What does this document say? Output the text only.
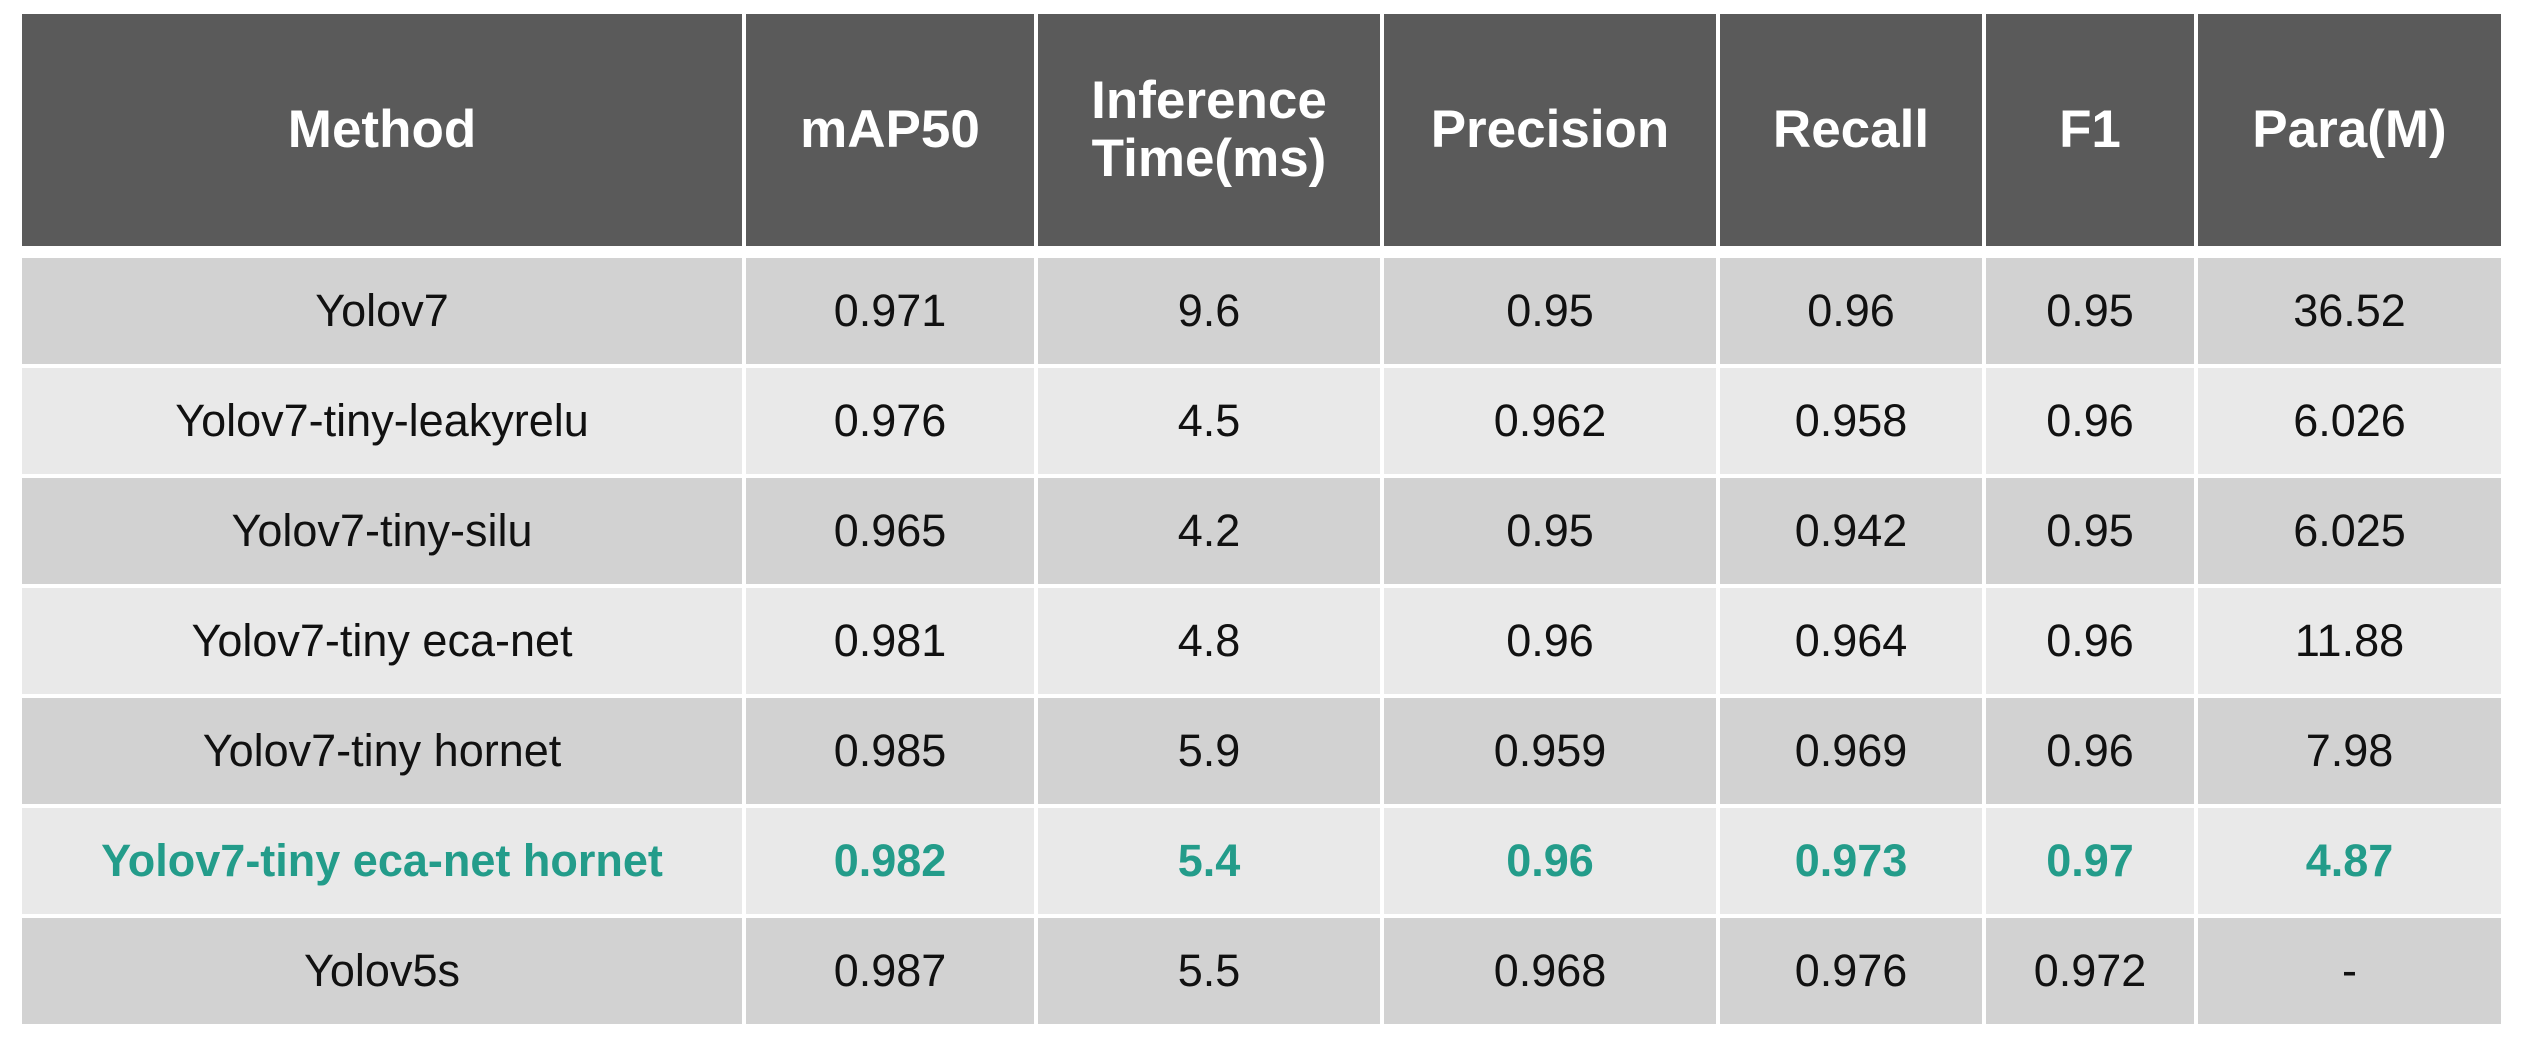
Method	mAP50	Inference Time(ms)	Precision	Recall	F1	Para(M)
Yolov7	0.971	9.6	0.95	0.96	0.95	36.52
Yolov7-tiny-leakyrelu	0.976	4.5	0.962	0.958	0.96	6.026
Yolov7-tiny-silu	0.965	4.2	0.95	0.942	0.95	6.025
Yolov7-tiny eca-net	0.981	4.8	0.96	0.964	0.96	11.88
Yolov7-tiny hornet	0.985	5.9	0.959	0.969	0.96	7.98
Yolov7-tiny eca-net hornet	0.982	5.4	0.96	0.973	0.97	4.87
Yolov5s	0.987	5.5	0.968	0.976	0.972	-
